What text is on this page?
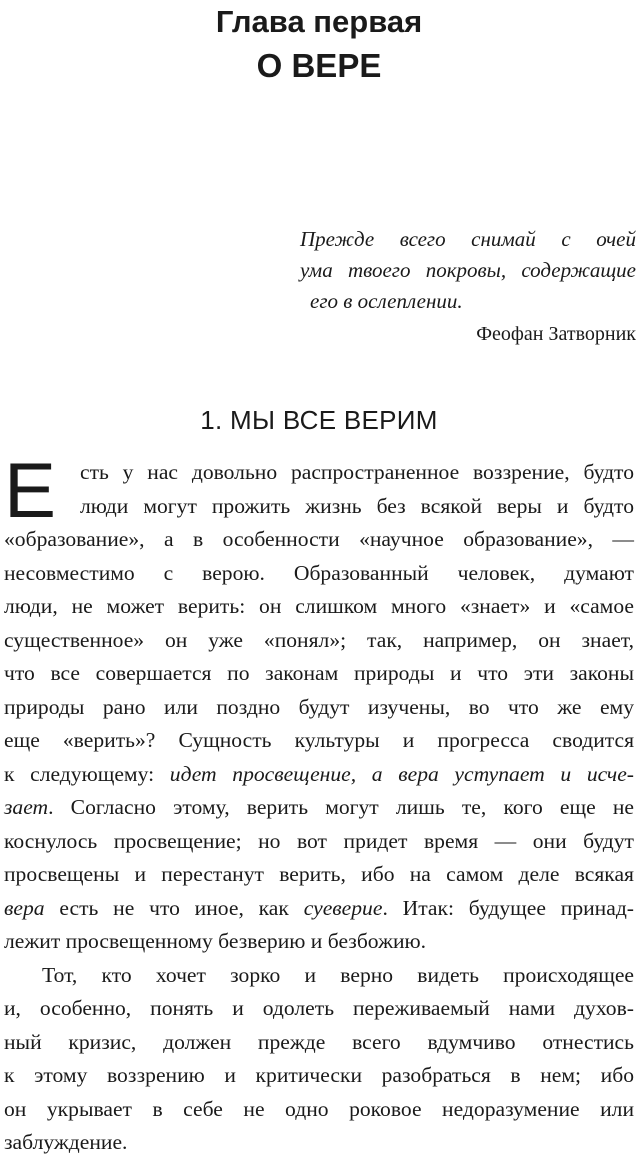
Глава первая
О ВЕРЕ
Прежде всего снимай с очей
ума твоего покровы, содержащие
его в ослеплении.
Феофан Затворник
1. МЫ ВСЕ ВЕРИМ
Е	сть у нас довольно распространенное воззрение, будто
люди могут прожить жизнь без всякой веры и будто
«образование», а в особенности «научное образование», —
несовместимо с верою. Образованный человек, думают
люди, не может верить: он слишком много «знает» и «самое
существенное» он уже «понял»; так, например, он знает,
что все совершается по законам природы и что эти законы
природы рано или поздно будут изучены, во что же ему
еще «верить»? Сущность культуры и прогресса сводится
к следующему: идет просвещение, а вера уступает и исче-
зает. Согласно этому, верить могут лишь те, кого еще не
коснулось просвещение; но вот придет время — они будут
просвещены и перестанут верить, ибо на самом деле всякая
вера есть не что иное, как суеверие. Итак: будущее принад-
лежит просвещенному безверию и безбожию.
Тот, кто хочет зорко и верно видеть происходящее
и, особенно, понять и одолеть переживаемый нами духов-
ный кризис, должен прежде всего вдумчиво отнестись
к этому воззрению и критически разобраться в нем; ибо
он укрывает в себе не одно роковое недоразумение или
заблуждение.
